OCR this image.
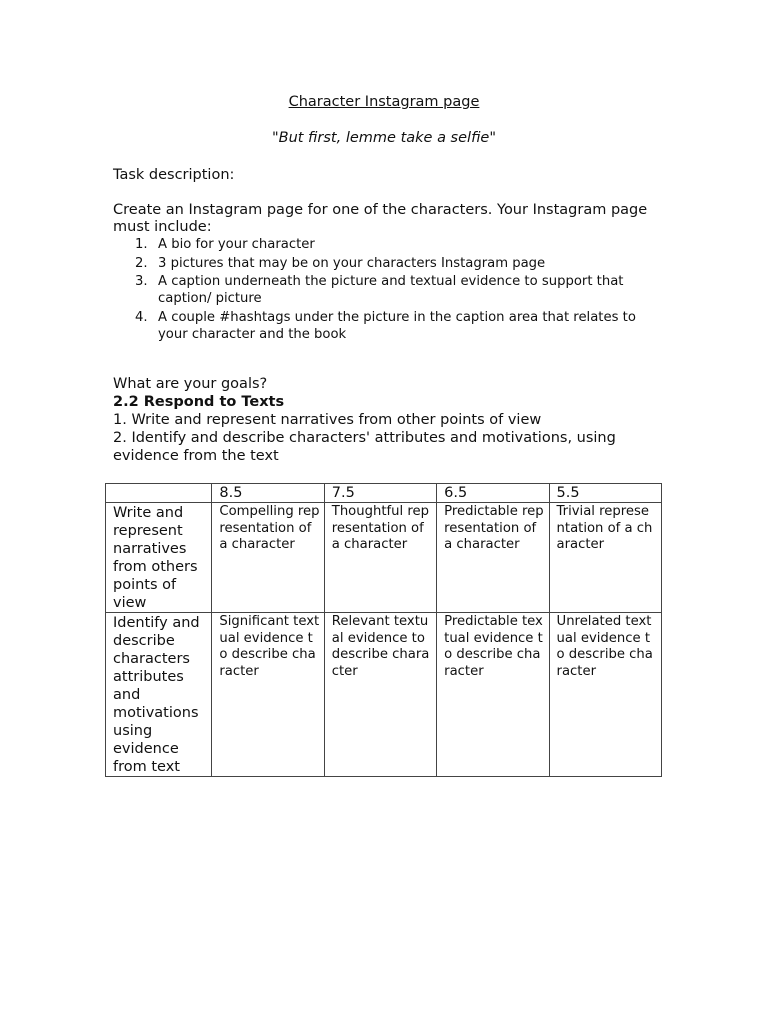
Character Instagram page
"But first, lemme take a selfie"
Task description:
Create an Instagram page for one of the characters. Your Instagram page must include:
1. A bio for your character
2. 3 pictures that may be on your characters Instagram page
3. A caption underneath the picture and textual evidence to support that caption/ picture
4. A couple #hashtags under the picture in the caption area that relates to your character and the book
What are your goals?
2.2 Respond to Texts
1. Write and represent narratives from other points of view
2. Identify and describe characters' attributes and motivations, using evidence from the text
	8.5	7.5	6.5	5.5
Write and represent narratives from others points of view	Compelling representation of a character	Thoughtful representation of a character	Predictable representation of a character	Trivial representation of a character
Identify and describe characters attributes and motivations using evidence from text	Significant textual evidence to describe character	Relevant textual evidence to describe character	Predictable textual evidence to describe character	Unrelated textual evidence to describe character
